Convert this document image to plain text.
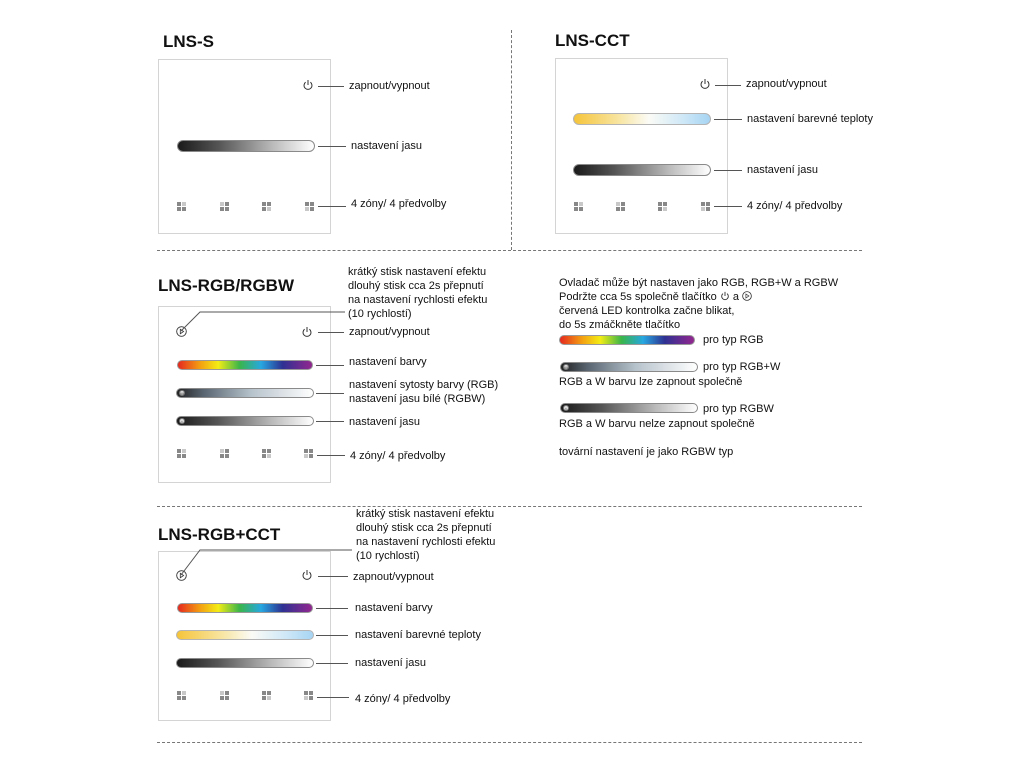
LNS-S
zapnout/vypnout
nastavení jasu
4 zóny/ 4 předvolby
LNS-CCT
zapnout/vypnout
nastavení barevné teploty
nastavení jasu
4 zóny/ 4 předvolby
LNS-RGB/RGBW
krátký stisk nastavení efektu
dlouhý stisk cca 2s přepnutí
na nastavení rychlosti efektu
(10 rychlostí)
zapnout/vypnout
nastavení barvy
W
nastavení sytosty barvy (RGB)
nastavení jasu bílé (RGBW)
☼	nastavení jasu
4 zóny/ 4 předvolby
Ovladač může být nastaven jako RGB, RGB+W a RGBW
Podržte cca 5s společně tlačítko a
červená LED kontrolka začne blikat,
do 5s zmáčkněte tlačítko
pro typ RGB
W	pro typ RGB+W
RGB a W barvu lze zapnout společně
☼	pro typ RGBW
RGB a W barvu nelze zapnout společně
tovární nastavení je jako RGBW typ
LNS-RGB+CCT
krátký stisk nastavení efektu
dlouhý stisk cca 2s přepnutí
na nastavení rychlosti efektu
(10 rychlostí)
zapnout/vypnout
nastavení barvy
nastavení barevné teploty
nastavení jasu
4 zóny/ 4 předvolby
